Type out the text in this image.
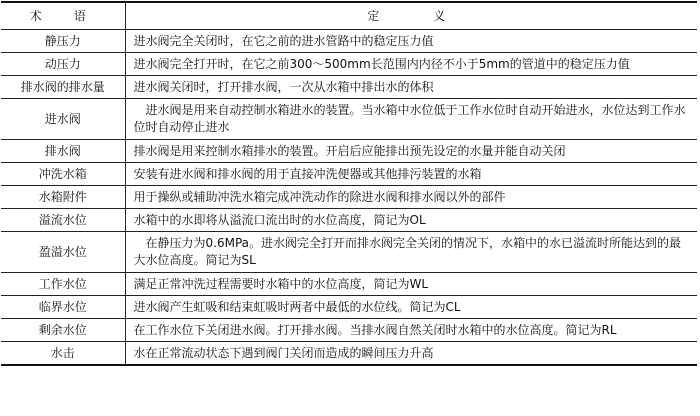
术　语	定　　义
静压力	进水阀完全关闭时，在它之前的进水管路中的稳定压力值
动压力	进水阀完全打开时，在它之前300～500mm长范围内内径不小于5mm的管道中的稳定压力值
排水阀的排水量	进水阀关闭时，打开排水阀，一次从水箱中排出水的体积
进水阀	进水阀是用来自动控制水箱进水的装置。当水箱中水位低于工作水位时自动开始进水，水位达到工作水位时自动停止进水
排水阀	排水阀是用来控制水箱排水的装置。开启后应能排出预先设定的水量并能自动关闭
冲洗水箱	安装有进水阀和排水阀的用于直接冲洗便器或其他排污装置的水箱
水箱附件	用于操纵或辅助冲洗水箱完成冲洗动作的除进水阀和排水阀以外的部件
溢流水位	水箱中的水即将从溢流口流出时的水位高度，简记为OL
盈溢水位	在静压力为0.6MPa。进水阀完全打开而排水阀完全关闭的情况下，水箱中的水已溢流时所能达到的最大水位高度。简记为SL
工作水位	满足正常冲洗过程需要时水箱中的水位高度，简记为WL
临界水位	进水阀产生虹吸和结束虹吸时两者中最低的水位线。简记为CL
剩余水位	在工作水位下关闭进水阀。打开排水阀。当排水阀自然关闭时水箱中的水位高度。简记为RL
水击	水在正常流动状态下遇到阀门关闭而造成的瞬间压力升高
